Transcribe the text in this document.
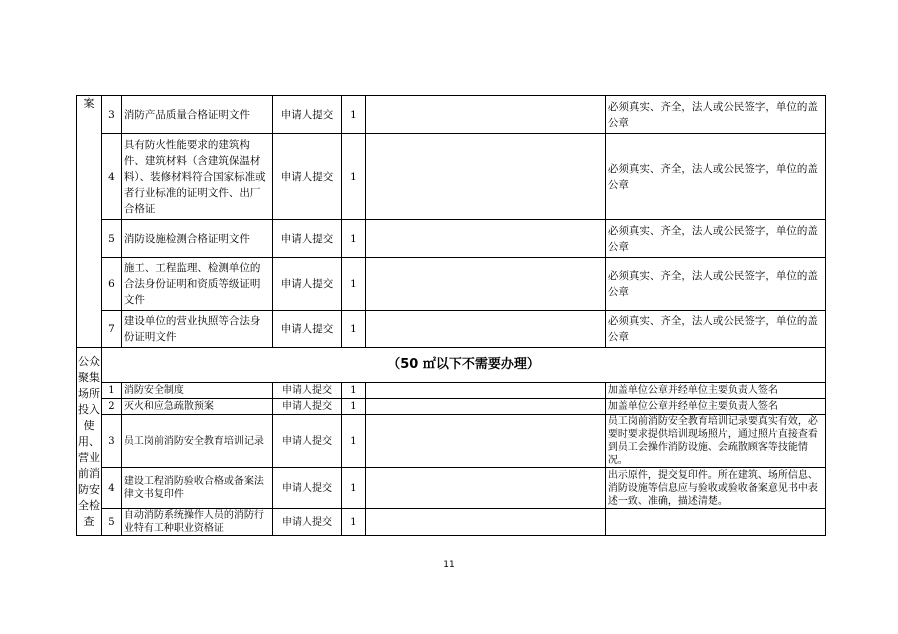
案	3	消防产品质量合格证明文件	申请人提交	1		必须真实、齐全，法人或公民签字，单位的盖公章
	4	具有防火性能要求的建筑构件、建筑材料（含建筑保温材料）、装修材料符合国家标准或者行业标准的证明文件、出厂合格证	申请人提交	1		必须真实、齐全，法人或公民签字，单位的盖公章
	5	消防设施检测合格证明文件	申请人提交	1		必须真实、齐全，法人或公民签字，单位的盖公章
	6	施工、工程监理、检测单位的合法身份证明和资质等级证明文件	申请人提交	1		必须真实、齐全，法人或公民签字，单位的盖公章
	7	建设单位的营业执照等合法身份证明文件	申请人提交	1		必须真实、齐全，法人或公民签字，单位的盖公章
公众聚集场所投入使用、营业前消防安全检查	（50 ㎡以下不需要办理）					
	1	消防安全制度	申请人提交	1		加盖单位公章并经单位主要负责人签名
	2	灭火和应急疏散预案	申请人提交	1		加盖单位公章并经单位主要负责人签名
	3	员工岗前消防安全教育培训记录	申请人提交	1		员工岗前消防安全教育培训记录要真实有效，必要时要求提供培训现场照片，通过照片直接查看到员工会操作消防设施、会疏散顾客等技能情况。
	4	建设工程消防验收合格或备案法律文书复印件	申请人提交	1		出示原件，提交复印件。所在建筑、场所信息、消防设施等信息应与验收或验收备案意见书中表述一致、准确，描述清楚。
	5	自动消防系统操作人员的消防行业特有工种职业资格证	申请人提交	1		
11
